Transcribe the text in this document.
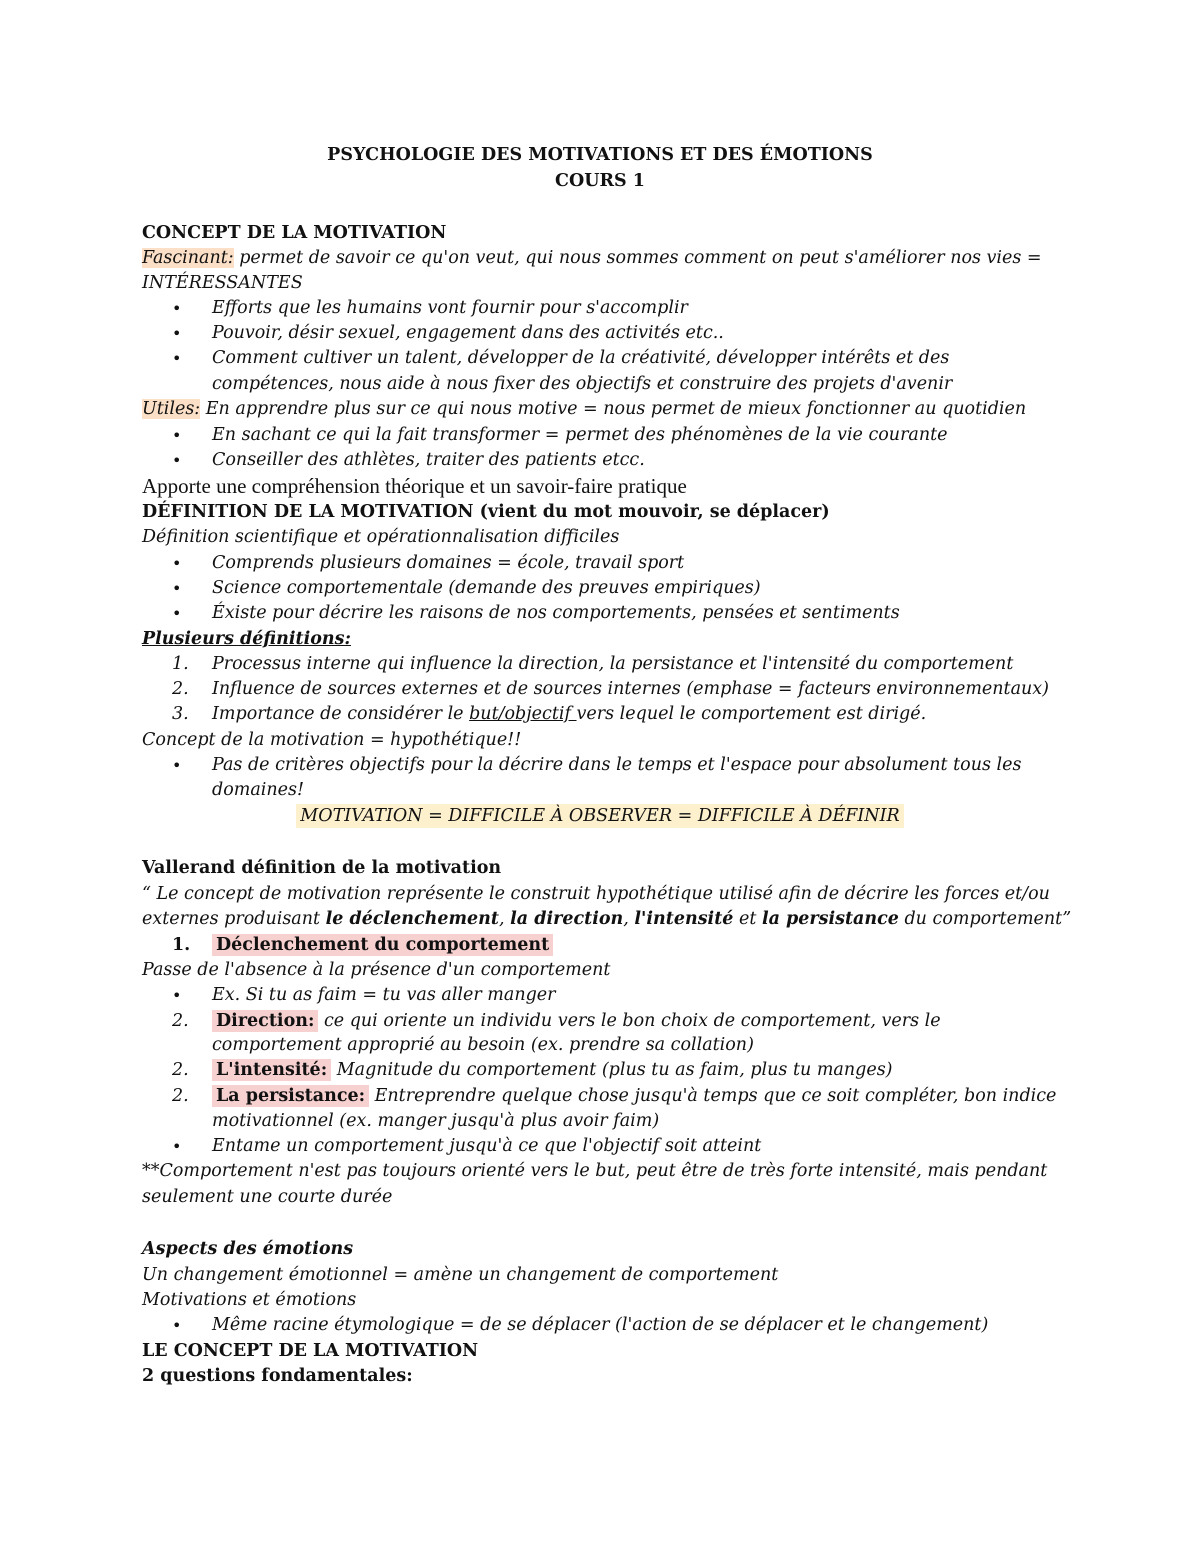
PSYCHOLOGIE DES MOTIVATIONS ET DES ÉMOTIONS
COURS 1
CONCEPT DE LA MOTIVATION
Fascinant: permet de savoir ce qu'on veut, qui nous sommes comment on peut s'améliorer nos vies =
INTÉRESSANTES
• Efforts que les humains vont fournir pour s'accomplir
• Pouvoir, désir sexuel, engagement dans des activités etc..
• Comment cultiver un talent, développer de la créativité, développer intérêts et des
compétences, nous aide à nous fixer des objectifs et construire des projets d'avenir
Utiles: En apprendre plus sur ce qui nous motive = nous permet de mieux fonctionner au quotidien
• En sachant ce qui la fait transformer = permet des phénomènes de la vie courante
• Conseiller des athlètes, traiter des patients etcc.
Apporte une compréhension théorique et un savoir-faire pratique
DÉFINITION DE LA MOTIVATION (vient du mot mouvoir, se déplacer)
Définition scientifique et opérationnalisation difficiles
• Comprends plusieurs domaines = école, travail sport
• Science comportementale (demande des preuves empiriques)
• Éxiste pour décrire les raisons de nos comportements, pensées et sentiments
Plusieurs définitions:
1. Processus interne qui influence la direction, la persistance et l'intensité du comportement
2. Influence de sources externes et de sources internes (emphase = facteurs environnementaux)
3. Importance de considérer le but/objectif vers lequel le comportement est dirigé.
Concept de la motivation = hypothétique!!
• Pas de critères objectifs pour la décrire dans le temps et l'espace pour absolument tous les
domaines!
MOTIVATION = DIFFICILE À OBSERVER = DIFFICILE À DÉFINIR
Vallerand définition de la motivation
“ Le concept de motivation représente le construit hypothétique utilisé afin de décrire les forces et/ou
externes produisant le déclenchement, la direction, l'intensité et la persistance du comportement”
1. Déclenchement du comportement
Passe de l'absence à la présence d'un comportement
• Ex. Si tu as faim = tu vas aller manger
2. Direction: ce qui oriente un individu vers le bon choix de comportement, vers le
comportement approprié au besoin (ex. prendre sa collation)
2. L'intensité: Magnitude du comportement (plus tu as faim, plus tu manges)
2. La persistance: Entreprendre quelque chose jusqu'à temps que ce soit compléter, bon indice
motivationnel (ex. manger jusqu'à plus avoir faim)
• Entame un comportement jusqu'à ce que l'objectif soit atteint
**Comportement n'est pas toujours orienté vers le but, peut être de très forte intensité, mais pendant
seulement une courte durée
Aspects des émotions
Un changement émotionnel = amène un changement de comportement
Motivations et émotions
• Même racine étymologique = de se déplacer (l'action de se déplacer et le changement)
LE CONCEPT DE LA MOTIVATION
2 questions fondamentales:
